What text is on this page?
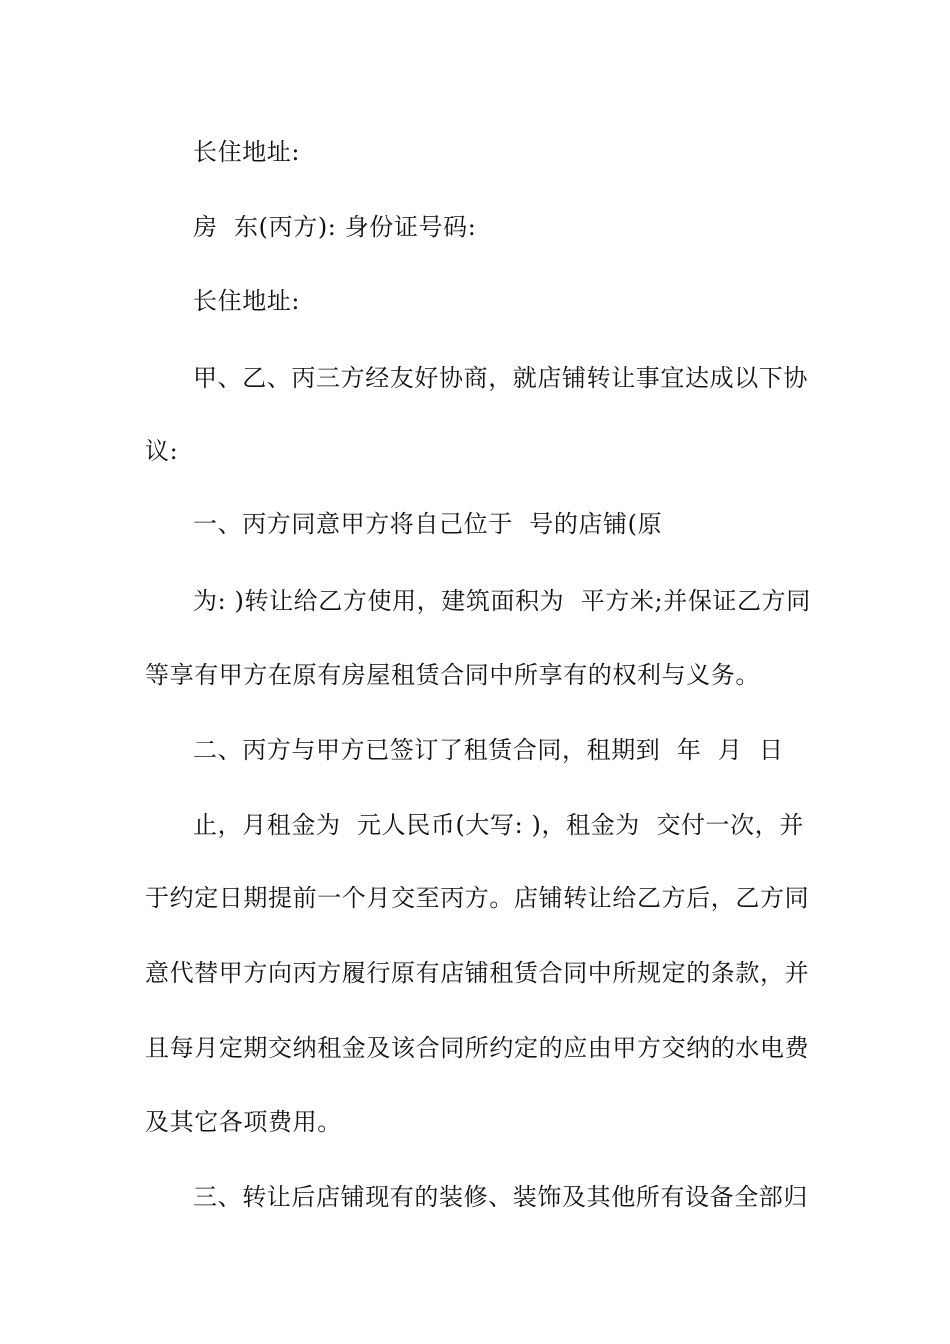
长住地址:
房  东(丙方): 身份证号码:
长住地址:
甲、乙、丙三方经友好协商，就店铺转让事宜达成以下协
议:
一、丙方同意甲方将自己位于  号的店铺(原
为: )转让给乙方使用，建筑面积为  平方米;并保证乙方同
等享有甲方在原有房屋租赁合同中所享有的权利与义务。
二、丙方与甲方已签订了租赁合同，租期到  年  月  日
止，月租金为  元人民币(大写: )，租金为  交付一次，并
于约定日期提前一个月交至丙方。店铺转让给乙方后，乙方同
意代替甲方向丙方履行原有店铺租赁合同中所规定的条款，并
且每月定期交纳租金及该合同所约定的应由甲方交纳的水电费
及其它各项费用。
三、转让后店铺现有的装修、装饰及其他所有设备全部归
